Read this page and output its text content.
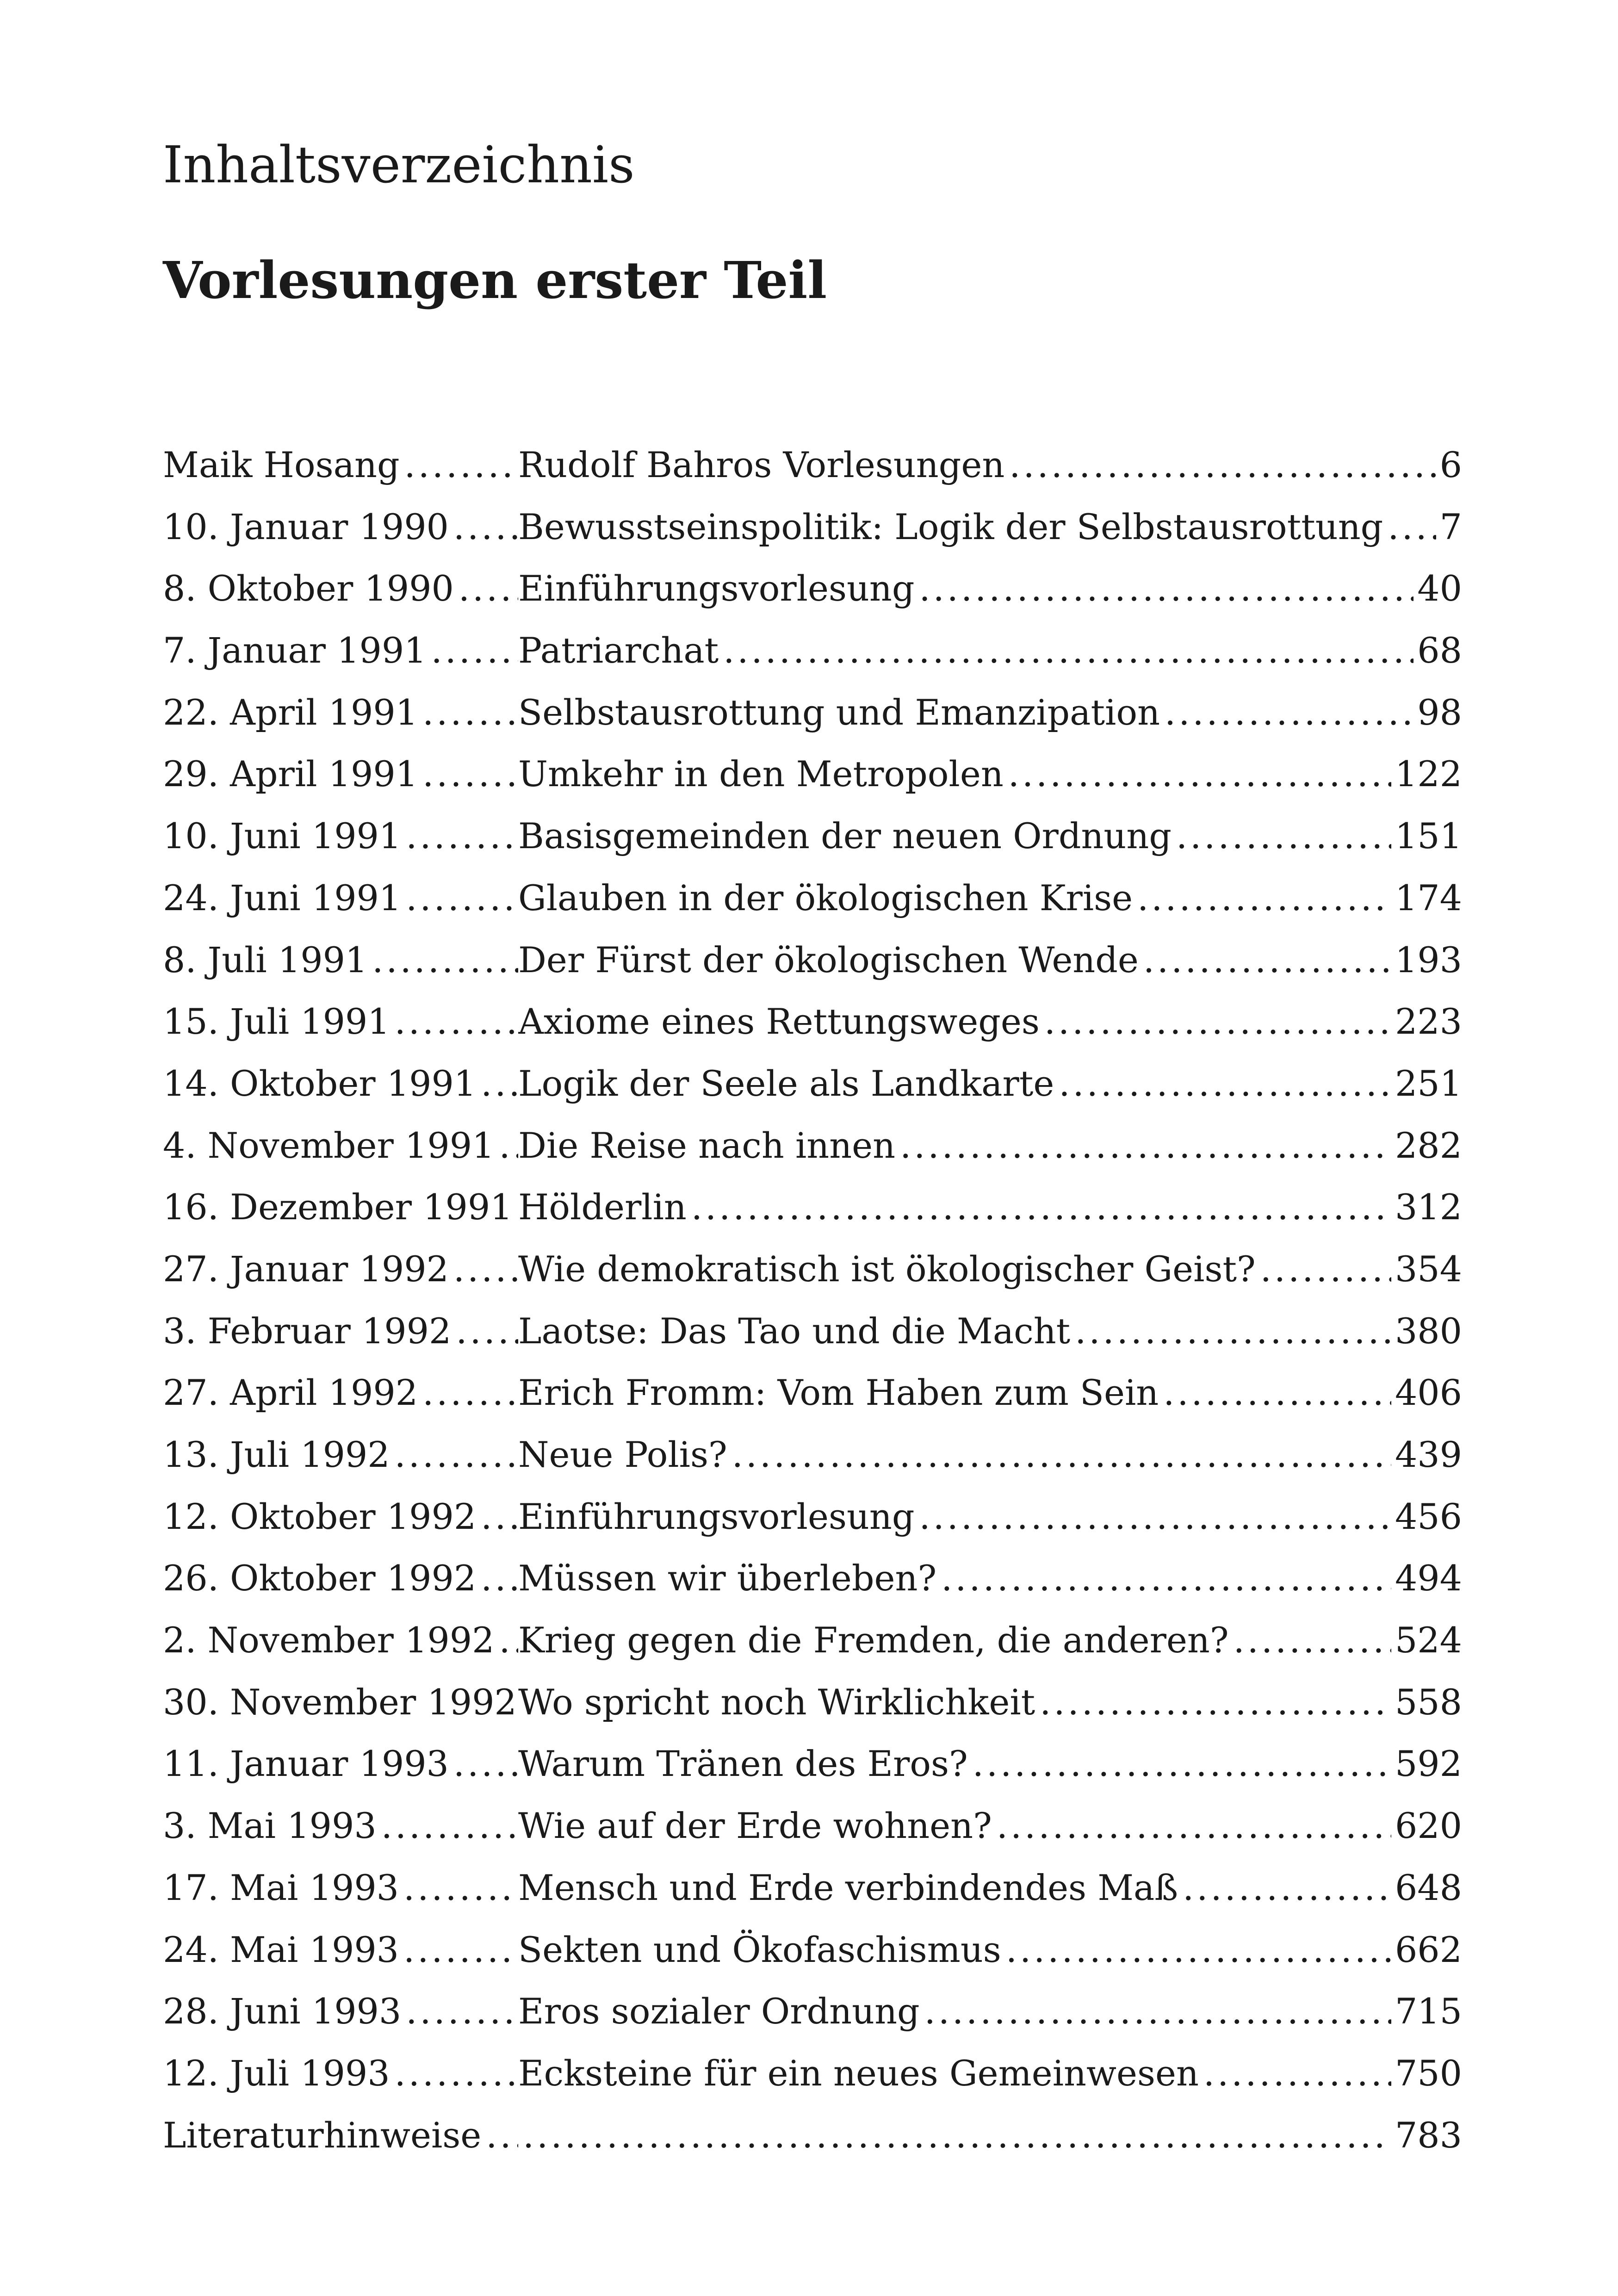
Inhaltsverzeichnis
Vorlesungen erster Teil
Maik Hosang .....	Rudolf Bahros Vorlesungen .....	6
10. Januar 1990 ..... Bewusstseinspolitik: Logik der Selbstausrottung ..... 7
8. Oktober 1990 ..... Einführungsvorlesung .....	40
7. Januar 1991 .....	Patriarchat .....	68
22. April 1991 .....	Selbstausrottung und Emanzipation .....	98
29. April 1991 .....	Umkehr in den Metropolen .....	122
10. Juni 1991 .....	Basisgemeinden der neuen Ordnung .....	151
24. Juni 1991 .....	Glauben in der ökologischen Krise .....	174
8. Juli 1991 .....	Der Fürst der ökologischen Wende .....	193
15. Juli 1991 .....	Axiome eines Rettungsweges .....	223
14. Oktober 1991 ..... Logik der Seele als Landkarte .....	251
4. November 1991 ..... Die Reise nach innen .....	282
16. Dezember 1991 ..... Hölderlin .....	312
27. Januar 1992 ..... Wie demokratisch ist ökologischer Geist? .....	354
3. Februar 1992 ..... Laotse: Das Tao und die Macht .....	380
27. April 1992 .....	Erich Fromm: Vom Haben zum Sein .....	406
13. Juli 1992 .....	Neue Polis? .....	439
12. Oktober 1992 ..... Einführungsvorlesung .....	456
26. Oktober 1992 ..... Müssen wir überleben? .....	494
2. November 1992 ..... Krieg gegen die Fremden, die anderen? .....	524
30. November 1992 ..... Wo spricht noch Wirklichkeit .....	558
11. Januar 1993 ..... Warum Tränen des Eros? .....	592
3. Mai 1993 .....	Wie auf der Erde wohnen? .....	620
17. Mai 1993 .....	Mensch und Erde verbindendes Maß .....	648
24. Mai 1993 .....	Sekten und Ökofaschismus .....	662
28. Juni 1993 .....	Eros sozialer Ordnung .....	715
12. Juli 1993 .....	Ecksteine für ein neues Gemeinwesen .....	750
Literaturhinweise ..... .....	783
